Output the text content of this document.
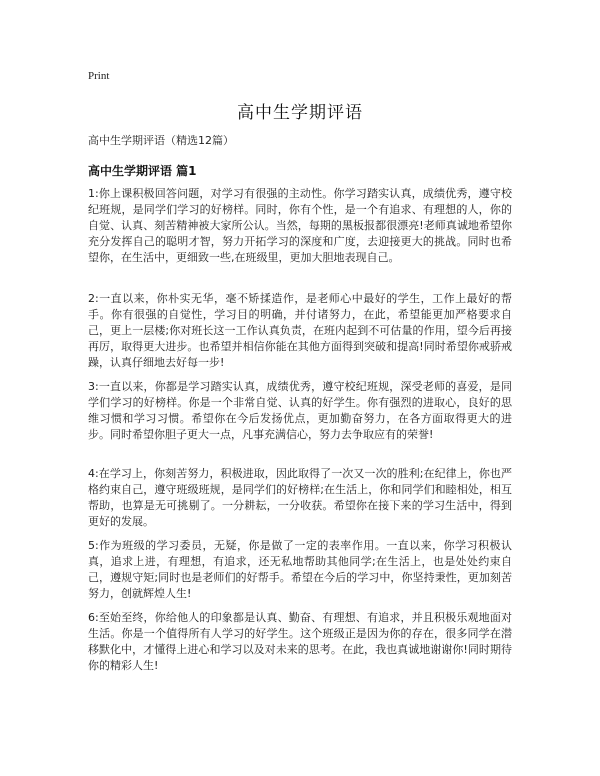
Print
高中生学期评语
高中生学期评语（精选12篇）
高中生学期评语 篇1

1:你上课积极回答问题，对学习有很强的主动性。你学习踏实认真，成绩优秀，遵守校纪班规，是同学们学习的好榜样。同时，你有个性，是一个有追求、有理想的人，你的自觉、认真、刻苦精神被大家所公认。当然，每期的黑板报都很漂亮!老师真诚地希望你充分发挥自己的聪明才智，努力开拓学习的深度和广度，去迎接更大的挑战。同时也希望你，在生活中，更细致一些,在班级里，更加大胆地表现自己。

2:一直以来，你朴实无华，毫不矫揉造作，是老师心中最好的学生，工作上最好的帮手。你有很强的自觉性，学习目的明确，并付诸努力，在此，希望能更加严格要求自己，更上一层楼;你对班长这一工作认真负责，在班内起到不可估量的作用，望今后再接再厉，取得更大进步。也希望并相信你能在其他方面得到突破和提高!同时希望你戒骄戒躁，认真仔细地去好每一步!

3:一直以来，你都是学习踏实认真，成绩优秀，遵守校纪班规，深受老师的喜爱，是同学们学习的好榜样。你是一个非常自觉、认真的好学生。你有强烈的进取心，良好的思维习惯和学习习惯。希望你在今后发扬优点，更加勤奋努力，在各方面取得更大的进步。同时希望你胆子更大一点，凡事充满信心，努力去争取应有的荣誉!

4:在学习上，你刻苦努力，积极进取，因此取得了一次又一次的胜利;在纪律上，你也严格约束自己，遵守班级班规，是同学们的好榜样;在生活上，你和同学们和睦相处，相互帮助，也算是无可挑剔了。一分耕耘，一分收获。希望你在接下来的学习生活中，得到更好的发展。

5:作为班级的学习委员，无疑，你是做了一定的表率作用。一直以来，你学习积极认真，追求上进，有理想，有追求，还无私地帮助其他同学;在生活上，也是处处约束自己，遵规守矩;同时也是老师们的好帮手。希望在今后的学习中，你坚持秉性，更加刻苦努力，创就辉煌人生!

6:至始至终，你给他人的印象都是认真、勤奋、有理想、有追求，并且积极乐观地面对生活。你是一个值得所有人学习的好学生。这个班级正是因为你的存在，很多同学在潜移默化中，才懂得上进心和学习以及对未来的思考。在此，我也真诚地谢谢你!同时期待你的精彩人生!
